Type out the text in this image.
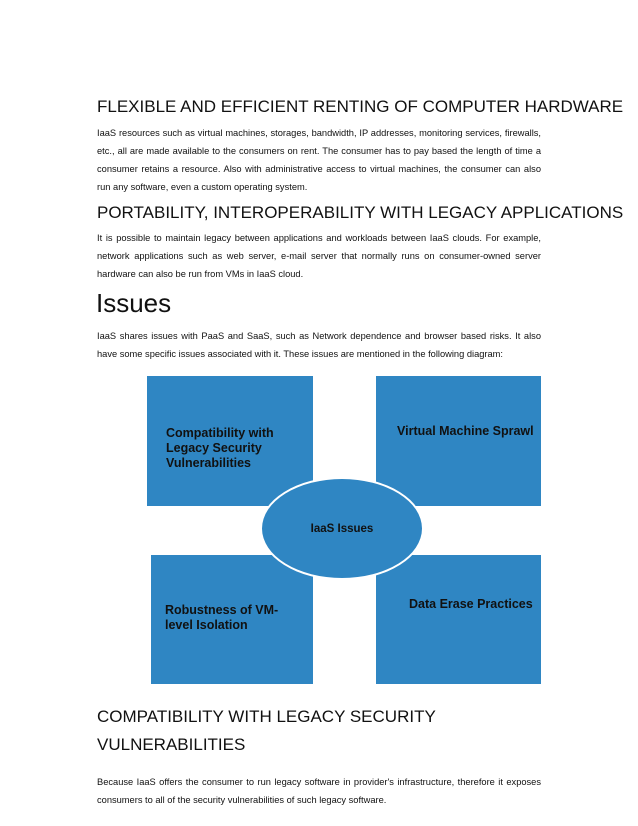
FLEXIBLE AND EFFICIENT RENTING OF COMPUTER HARDWARE

IaaS resources such as virtual machines, storages, bandwidth, IP addresses, monitoring services, firewalls, etc., all are made available to the consumers on rent. The consumer has to pay based the length of time a consumer retains a resource. Also with administrative access to virtual machines, the consumer can also run any software, even a custom operating system.

PORTABILITY, INTEROPERABILITY WITH LEGACY APPLICATIONS

It is possible to maintain legacy between applications and workloads between IaaS clouds. For example, network applications such as web server, e-mail server that normally runs on consumer-owned server hardware can also be run from VMs in IaaS cloud.

Issues

IaaS shares issues with PaaS and SaaS, such as Network dependence and browser based risks. It also have some specific issues associated with it. These issues are mentioned in the following diagram:

Compatibility with
Legacy Security
Vulnerabilities
Virtual Machine Sprawl
Robustness of VM-
level Isolation
Data Erase Practices
IaaS Issues
COMPATIBILITY WITH LEGACY SECURITY
VULNERABILITIES

Because IaaS offers the consumer to run legacy software in provider's infrastructure, therefore it exposes consumers to all of the security vulnerabilities of such legacy software.
